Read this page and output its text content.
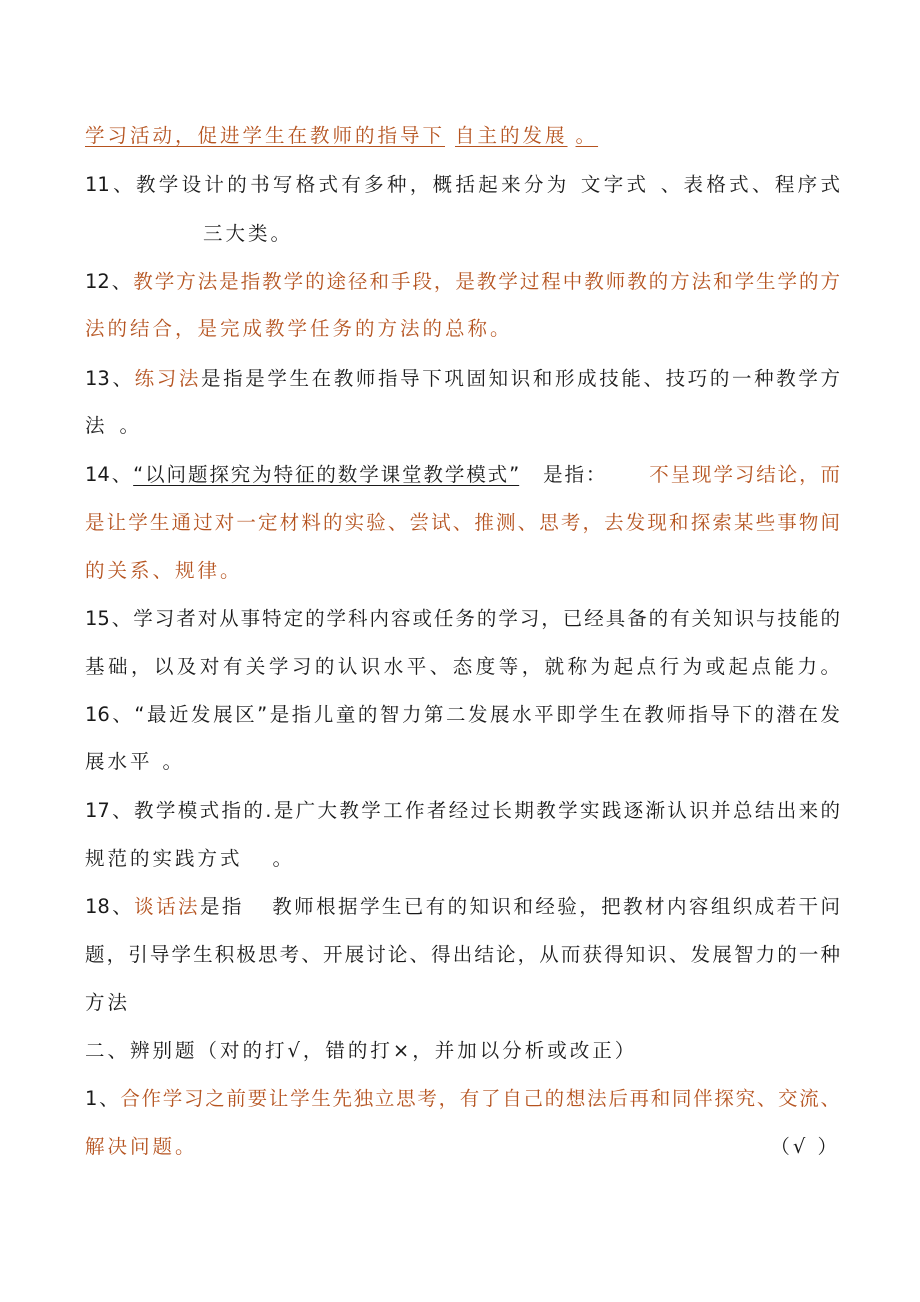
学习活动，促进学生在教师的指导下 自主的发展 。
11、教学设计的书写格式有多种，概括起来分为 文字式 、表格式、程序式
三大类。
12、教学方法是指教学的途径和手段，是教学过程中教师教的方法和学生学的方
法的结合，是完成教学任务的方法的总称。
13、练习法是指是学生在教师指导下巩固知识和形成技能、技巧的一种教学方
法 。
14、“以问题探究为特征的数学课堂教学模式” 是指： 不呈现学习结论，而
是让学生通过对一定材料的实验、尝试、推测、思考，去发现和探索某些事物间
的关系、规律。
15、学习者对从事特定的学科内容或任务的学习，已经具备的有关知识与技能的
基础，以及对有关学习的认识水平、态度等，就称为起点行为或起点能力。
16、“最近发展区”是指儿童的智力第二发展水平即学生在教师指导下的潜在发
展水平 。
17、教学模式指的.是广大教学工作者经过长期教学实践逐渐认识并总结出来的
规范的实践方式 。
18、谈话法是指 教师根据学生已有的知识和经验，把教材内容组织成若干问
题，引导学生积极思考、开展讨论、得出结论，从而获得知识、发展智力的一种
方法
二、辨别题（对的打√，错的打×，并加以分析或改正）
1、合作学习之前要让学生先独立思考，有了自己的想法后再和同伴探究、交流、
解决问题。	（√ ）
